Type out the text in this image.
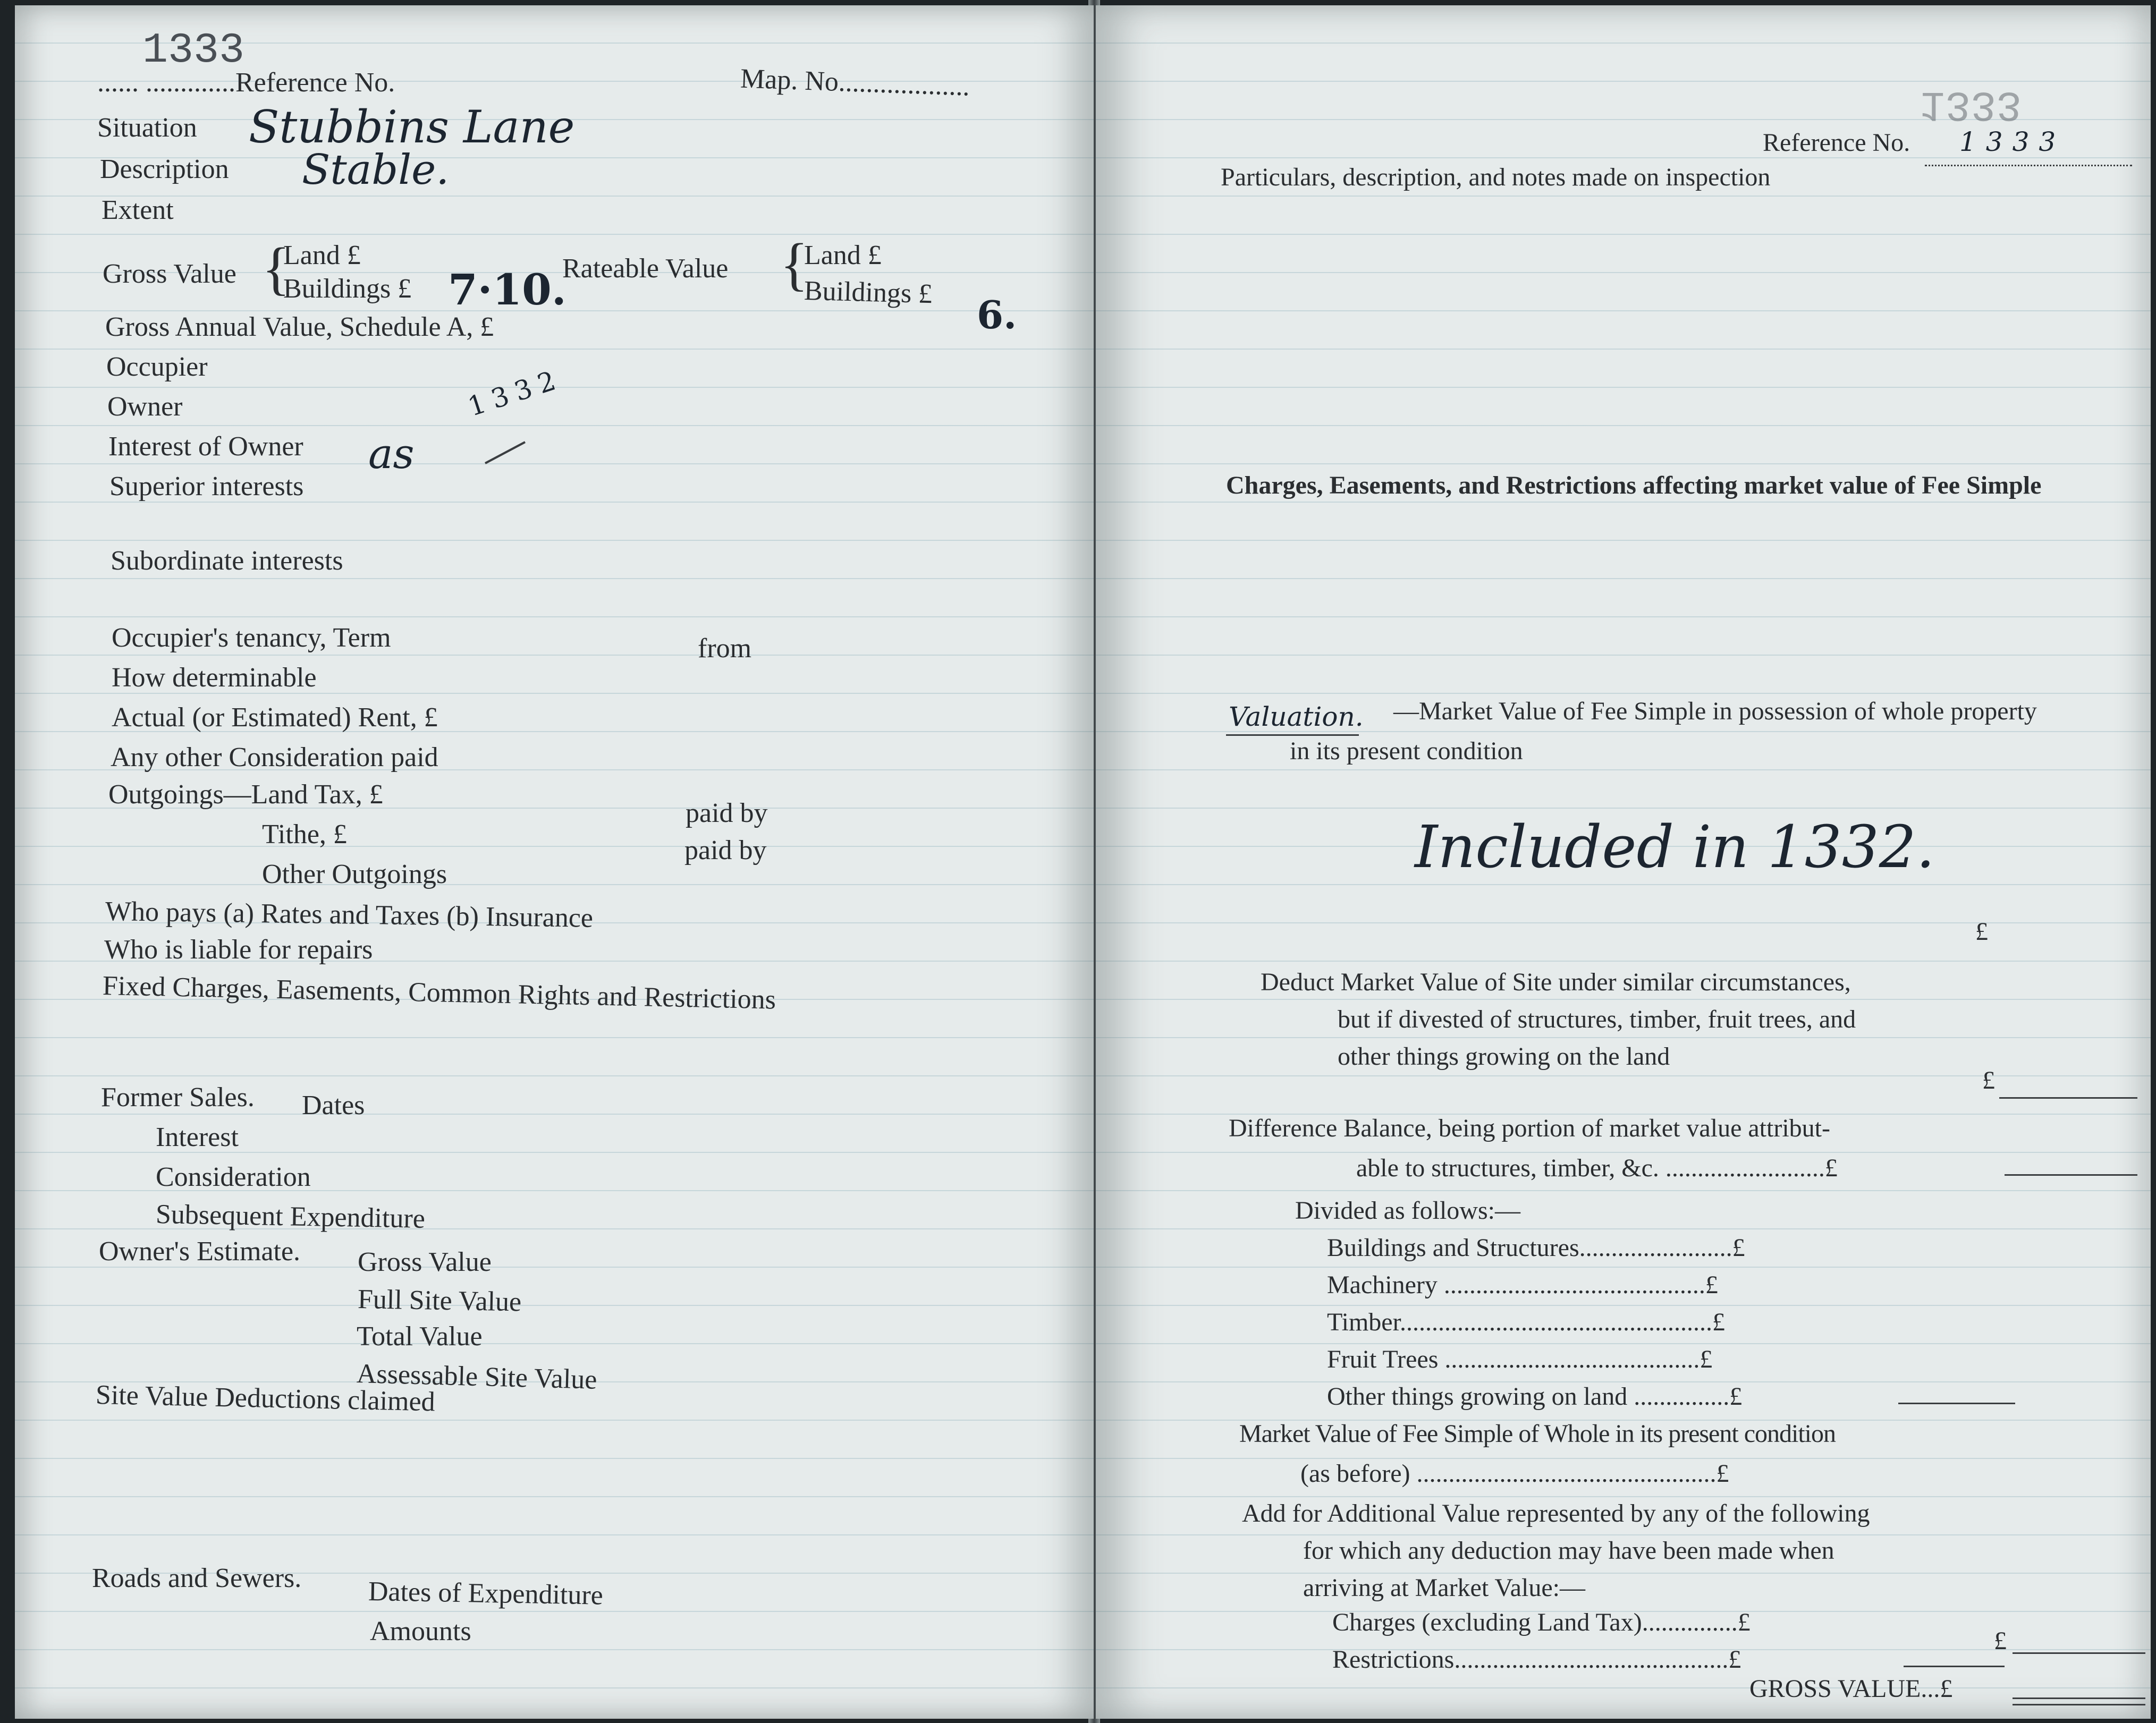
1333
...... .............Reference No.	Map. No...................
Situation Stubbins Lane
Description Stable.
Extent
Gross Value {
Land £
Buildings £ 7·10.
Rateable Value {
Land £
Buildings £ 6.
Gross Annual Value, Schedule A, £
Occupier
Owner	1332
Interest of Owner as
Superior interests
Subordinate interests
Occupier's tenancy, Term	from
How determinable
Actual (or Estimated) Rent, £
Any other Consideration paid
Outgoings—Land Tax, £
paid by
Tithe, £
paid by
Other Outgoings
Who pays (a) Rates and Taxes (b) Insurance
Who is liable for repairs
Fixed Charges, Easements, Common Rights and Restrictions
Former Sales. Dates
Interest
Consideration
Subsequent Expenditure
Owner's Estimate. Gross Value
Full Site Value
Total Value
Assessable Site Value
Site Value Deductions claimed
Roads and Sewers. Dates of Expenditure
Amounts
1333
Reference No. 1333
Particulars, description, and notes made on inspection
Charges, Easements, and Restrictions affecting market value of Fee Simple
Valuation. —Market Value of Fee Simple in possession of whole property
in its present condition
Included in 1332.
£
Deduct Market Value of Site under similar circumstances,
but if divested of structures, timber, fruit trees, and
other things growing on the land
£
Difference Balance, being portion of market value attribut-
able to structures, timber, &c. .........................£
Divided as follows:—
Buildings and Structures........................£
Machinery .........................................£
Timber.................................................£
Fruit Trees ........................................£
Other things growing on land ...............£
Market Value of Fee Simple of Whole in its present condition
(as before) ...............................................£
Add for Additional Value represented by any of the following
for which any deduction may have been made when
arriving at Market Value:—
Charges (excluding Land Tax)...............£
Restrictions...........................................£
£
GROSS VALUE...£
